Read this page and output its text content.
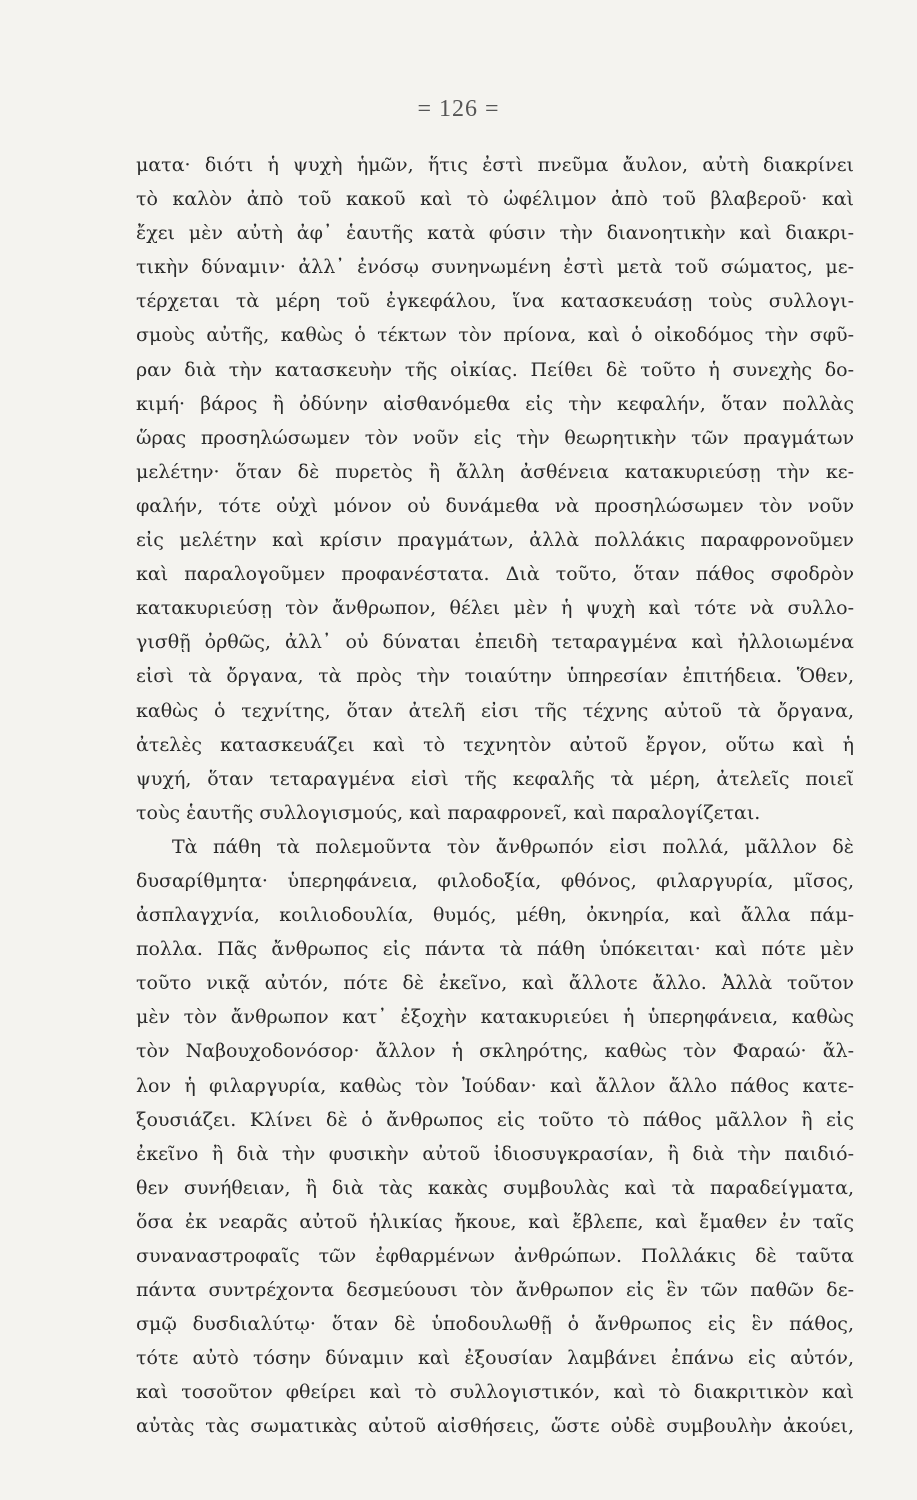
= 126 =
ματα· διότι ἡ ψυχὴ ἡμῶν, ἥτις ἐστὶ πνεῦμα ἄυλον, αὐτὴ διακρίνει
τὸ καλὸν ἀπὸ τοῦ κακοῦ καὶ τὸ ὠφέλιμον ἀπὸ τοῦ βλαβεροῦ· καὶ
ἔχει μὲν αὐτὴ ἀφ᾿ ἑαυτῆς κατὰ φύσιν τὴν διανοητικὴν καὶ διακρι-
τικὴν δύναμιν· ἀλλ᾿ ἐνόσῳ συνηνωμένη ἐστὶ μετὰ τοῦ σώματος, με-
τέρχεται τὰ μέρη τοῦ ἐγκεφάλου, ἵνα κατασκευάσῃ τοὺς συλλογι-
σμοὺς αὐτῆς, καθὼς ὁ τέκτων τὸν πρίονα, καὶ ὁ οἰκοδόμος τὴν σφῦ-
ραν διὰ τὴν κατασκευὴν τῆς οἰκίας. Πείθει δὲ τοῦτο ἡ συνεχὴς δο-
κιμή· βάρος ἢ ὀδύνην αἰσθανόμεθα εἰς τὴν κεφαλήν, ὅταν πολλὰς
ὥρας προσηλώσωμεν τὸν νοῦν εἰς τὴν θεωρητικὴν τῶν πραγμάτων
μελέτην· ὅταν δὲ πυρετὸς ἢ ἄλλη ἀσθένεια κατακυριεύσῃ τὴν κε-
φαλήν, τότε οὐχὶ μόνον οὐ δυνάμεθα νὰ προσηλώσωμεν τὸν νοῦν
εἰς μελέτην καὶ κρίσιν πραγμάτων, ἀλλὰ πολλάκις παραφρονοῦμεν
καὶ παραλογοῦμεν προφανέστατα. Διὰ τοῦτο, ὅταν πάθος σφοδρὸν
κατακυριεύσῃ τὸν ἄνθρωπον, θέλει μὲν ἡ ψυχὴ καὶ τότε νὰ συλλο-
γισθῇ ὀρθῶς, ἀλλ᾿ οὐ δύναται ἐπειδὴ τεταραγμένα καὶ ἠλλοιωμένα
εἰσὶ τὰ ὄργανα, τὰ πρὸς τὴν τοιαύτην ὑπηρεσίαν ἐπιτήδεια. Ὅθεν,
καθὼς ὁ τεχνίτης, ὅταν ἀτελῆ εἰσι τῆς τέχνης αὐτοῦ τὰ ὄργανα,
ἀτελὲς κατασκευάζει καὶ τὸ τεχνητὸν αὐτοῦ ἔργον, οὕτω καὶ ἡ
ψυχή, ὅταν τεταραγμένα εἰσὶ τῆς κεφαλῆς τὰ μέρη, ἀτελεῖς ποιεῖ
τοὺς ἑαυτῆς συλλογισμούς, καὶ παραφρονεῖ, καὶ παραλογίζεται.
Τὰ πάθη τὰ πολεμοῦντα τὸν ἄνθρωπόν εἰσι πολλά, μᾶλλον δὲ
δυσαρίθμητα· ὑπερηφάνεια, φιλοδοξία, φθόνος, φιλαργυρία, μῖσος,
ἀσπλαγχνία, κοιλιοδουλία, θυμός, μέθη, ὀκνηρία, καὶ ἄλλα πάμ-
πολλα. Πᾶς ἄνθρωπος εἰς πάντα τὰ πάθη ὑπόκειται· καὶ πότε μὲν
τοῦτο νικᾷ αὐτόν, πότε δὲ ἐκεῖνο, καὶ ἄλλοτε ἄλλο. Ἀλλὰ τοῦτον
μὲν τὸν ἄνθρωπον κατ᾿ ἐξοχὴν κατακυριεύει ἡ ὑπερηφάνεια, καθὼς
τὸν Ναβουχοδονόσορ· ἄλλον ἡ σκληρότης, καθὼς τὸν Φαραώ· ἄλ-
λον ἡ φιλαργυρία, καθὼς τὸν Ἰούδαν· καὶ ἄλλον ἄλλο πάθος κατε-
ξουσιάζει. Κλίνει δὲ ὁ ἄνθρωπος εἰς τοῦτο τὸ πάθος μᾶλλον ἢ εἰς
ἐκεῖνο ἢ διὰ τὴν φυσικὴν αὐτοῦ ἰδιοσυγκρασίαν, ἢ διὰ τὴν παιδιό-
θεν συνήθειαν, ἢ διὰ τὰς κακὰς συμβουλὰς καὶ τὰ παραδείγματα,
ὅσα ἐκ νεαρᾶς αὐτοῦ ἡλικίας ἤκουε, καὶ ἔβλεπε, καὶ ἔμαθεν ἐν ταῖς
συναναστροφαῖς τῶν ἐφθαρμένων ἀνθρώπων. Πολλάκις δὲ ταῦτα
πάντα συντρέχοντα δεσμεύουσι τὸν ἄνθρωπον εἰς ἓν τῶν παθῶν δε-
σμῷ δυσδιαλύτῳ· ὅταν δὲ ὑποδουλωθῇ ὁ ἄνθρωπος εἰς ἓν πάθος,
τότε αὐτὸ τόσην δύναμιν καὶ ἐξουσίαν λαμβάνει ἐπάνω εἰς αὐτόν,
καὶ τοσοῦτον φθείρει καὶ τὸ συλλογιστικόν, καὶ τὸ διακριτικὸν καὶ
αὐτὰς τὰς σωματικὰς αὐτοῦ αἰσθήσεις, ὥστε οὐδὲ συμβουλὴν ἀκούει,
